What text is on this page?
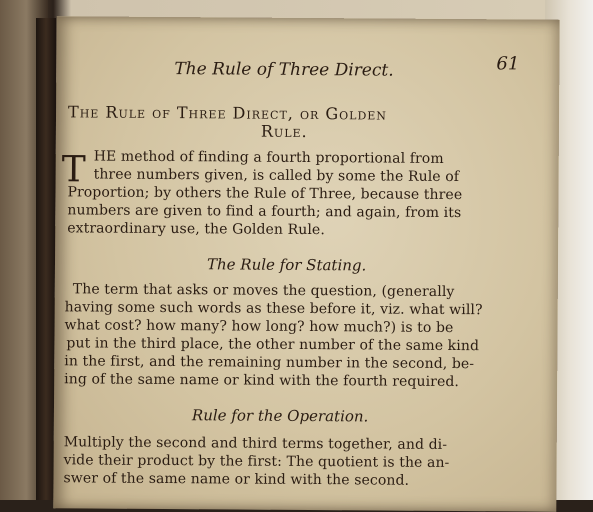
The Rule of Three Direct.	61
The Rule of Three Direct, or Golden
Rule.
T HE method of finding a fourth proportional from
three numbers given, is called by some the Rule of
Proportion; by others the Rule of Three, because three
numbers are given to find a fourth; and again, from its
extraordinary use, the Golden Rule.
The Rule for Stating.
The term that asks or moves the question, (generally
having some such words as these before it, viz. what will?
what cost? how many? how long? how much?) is to be
put in the third place, the other number of the same kind
in the first, and the remaining number in the second, be-
ing of the same name or kind with the fourth required.
Rule for the Operation.
Multiply the second and third terms together, and di-
vide their product by the first: The quotient is the an-
swer of the same name or kind with the second.
